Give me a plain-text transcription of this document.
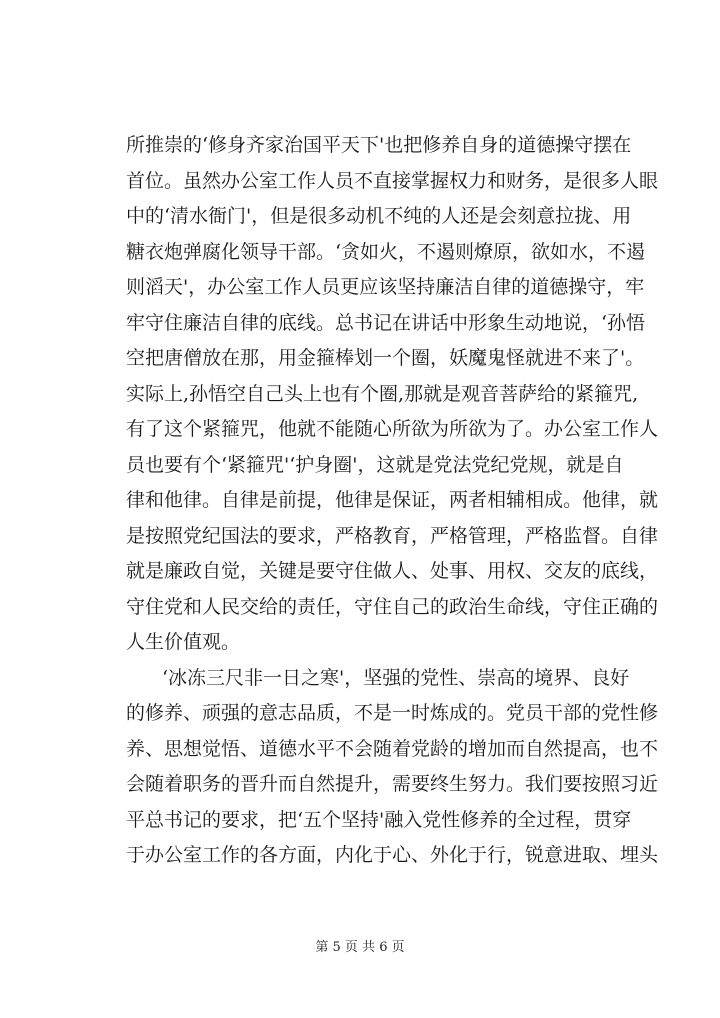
所推崇的‘修身齐家治国平天下'也把修养自身的道德操守摆在
首位。虽然办公室工作人员不直接掌握权力和财务，是很多人眼
中的‘清水衙门'，但是很多动机不纯的人还是会刻意拉拢、用
糖衣炮弹腐化领导干部。‘贪如火，不遏则燎原，欲如水，不遏
则滔天'，办公室工作人员更应该坚持廉洁自律的道德操守，牢
牢守住廉洁自律的底线。总书记在讲话中形象生动地说，‘孙悟
空把唐僧放在那，用金箍棒划一个圈，妖魔鬼怪就进不来了'。
实际上,孙悟空自己头上也有个圈,那就是观音菩萨给的紧箍咒,
有了这个紧箍咒，他就不能随心所欲为所欲为了。办公室工作人
员也要有个‘紧箍咒'‘护身圈'，这就是党法党纪党规，就是自
律和他律。自律是前提，他律是保证，两者相辅相成。他律，就
是按照党纪国法的要求，严格教育，严格管理，严格监督。自律
就是廉政自觉，关键是要守住做人、处事、用权、交友的底线，
守住党和人民交给的责任，守住自己的政治生命线，守住正确的
人生价值观。
‘冰冻三尺非一日之寒'，坚强的党性、崇高的境界、良好
的修养、顽强的意志品质，不是一时炼成的。党员干部的党性修
养、思想觉悟、道德水平不会随着党龄的增加而自然提高，也不
会随着职务的晋升而自然提升，需要终生努力。我们要按照习近
平总书记的要求，把‘五个坚持'融入党性修养的全过程，贯穿
于办公室工作的各方面，内化于心、外化于行，锐意进取、埋头
第 5 页 共 6 页
